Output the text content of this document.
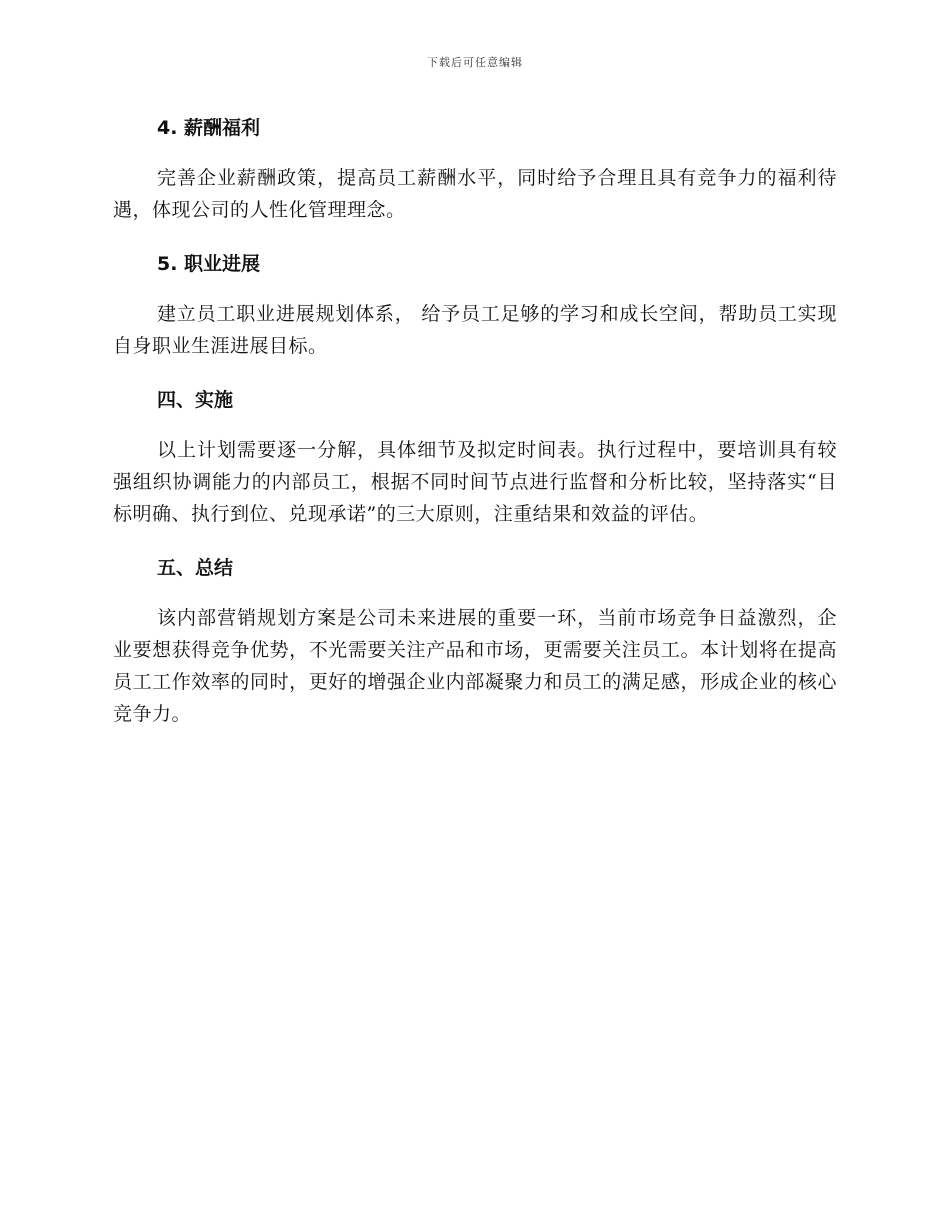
下载后可任意编辑
4. 薪酬福利

完善企业薪酬政策，提高员工薪酬水平，同时给予合理且具有竞争力的福利待遇，体现公司的人性化管理理念。

5. 职业进展

建立员工职业进展规划体系， 给予员工足够的学习和成长空间，帮助员工实现自身职业生涯进展目标。

四、实施

以上计划需要逐一分解，具体细节及拟定时间表。执行过程中，要培训具有较强组织协调能力的内部员工，根据不同时间节点进行监督和分析比较，坚持落实“目标明确、执行到位、兑现承诺”的三大原则，注重结果和效益的评估。

五、总结

该内部营销规划方案是公司未来进展的重要一环，当前市场竞争日益激烈，企业要想获得竞争优势，不光需要关注产品和市场，更需要关注员工。本计划将在提高员工工作效率的同时，更好的增强企业内部凝聚力和员工的满足感，形成企业的核心竞争力。
